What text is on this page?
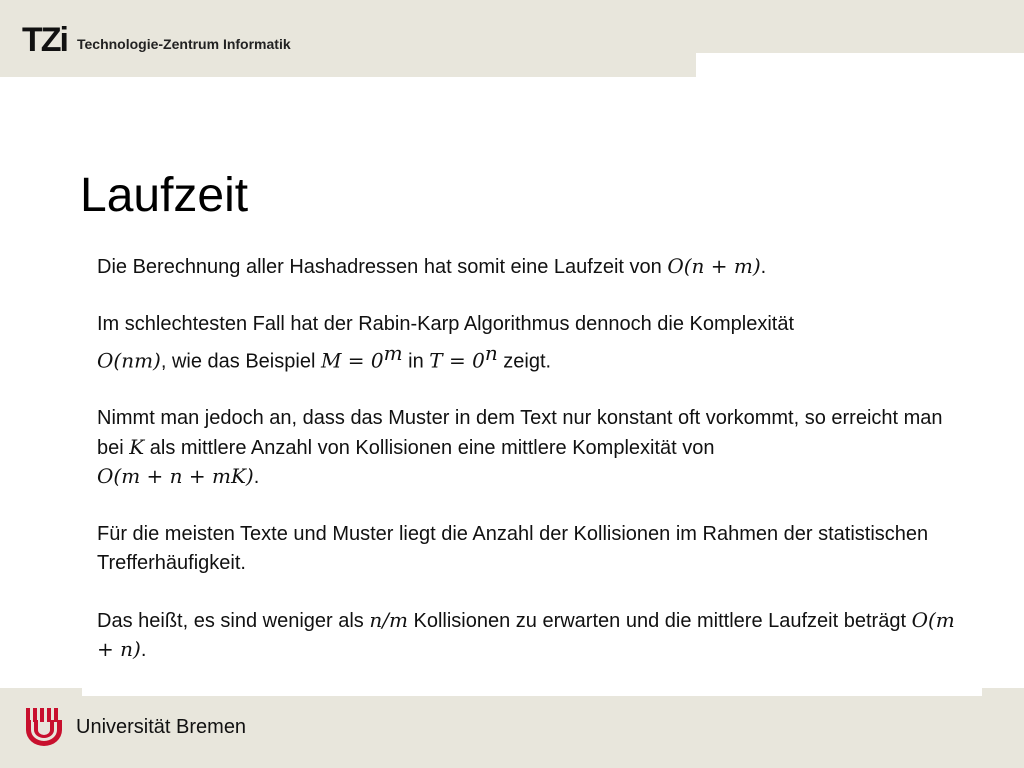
TZi Technologie-Zentrum Informatik
Laufzeit

Die Berechnung aller Hashadressen hat somit eine Laufzeit von O(n + m).

Im schlechtesten Fall hat der Rabin-Karp Algorithmus dennoch die Komplexität
O(nm), wie das Beispiel $M = 0^m$ in $T = 0^n$ zeigt.

Nimmt man jedoch an, dass das Muster in dem Text nur konstant oft vorkommt, so erreicht man bei K als mittlere Anzahl von Kollisionen eine mittlere Komplexität von
O(m + n + mK).

Für die meisten Texte und Muster liegt die Anzahl der Kollisionen im Rahmen der statistischen Trefferhäufigkeit.

Das heißt, es sind weniger als n/m Kollisionen zu erwarten und die mittlere Laufzeit beträgt O(m + n).

Universität Bremen
